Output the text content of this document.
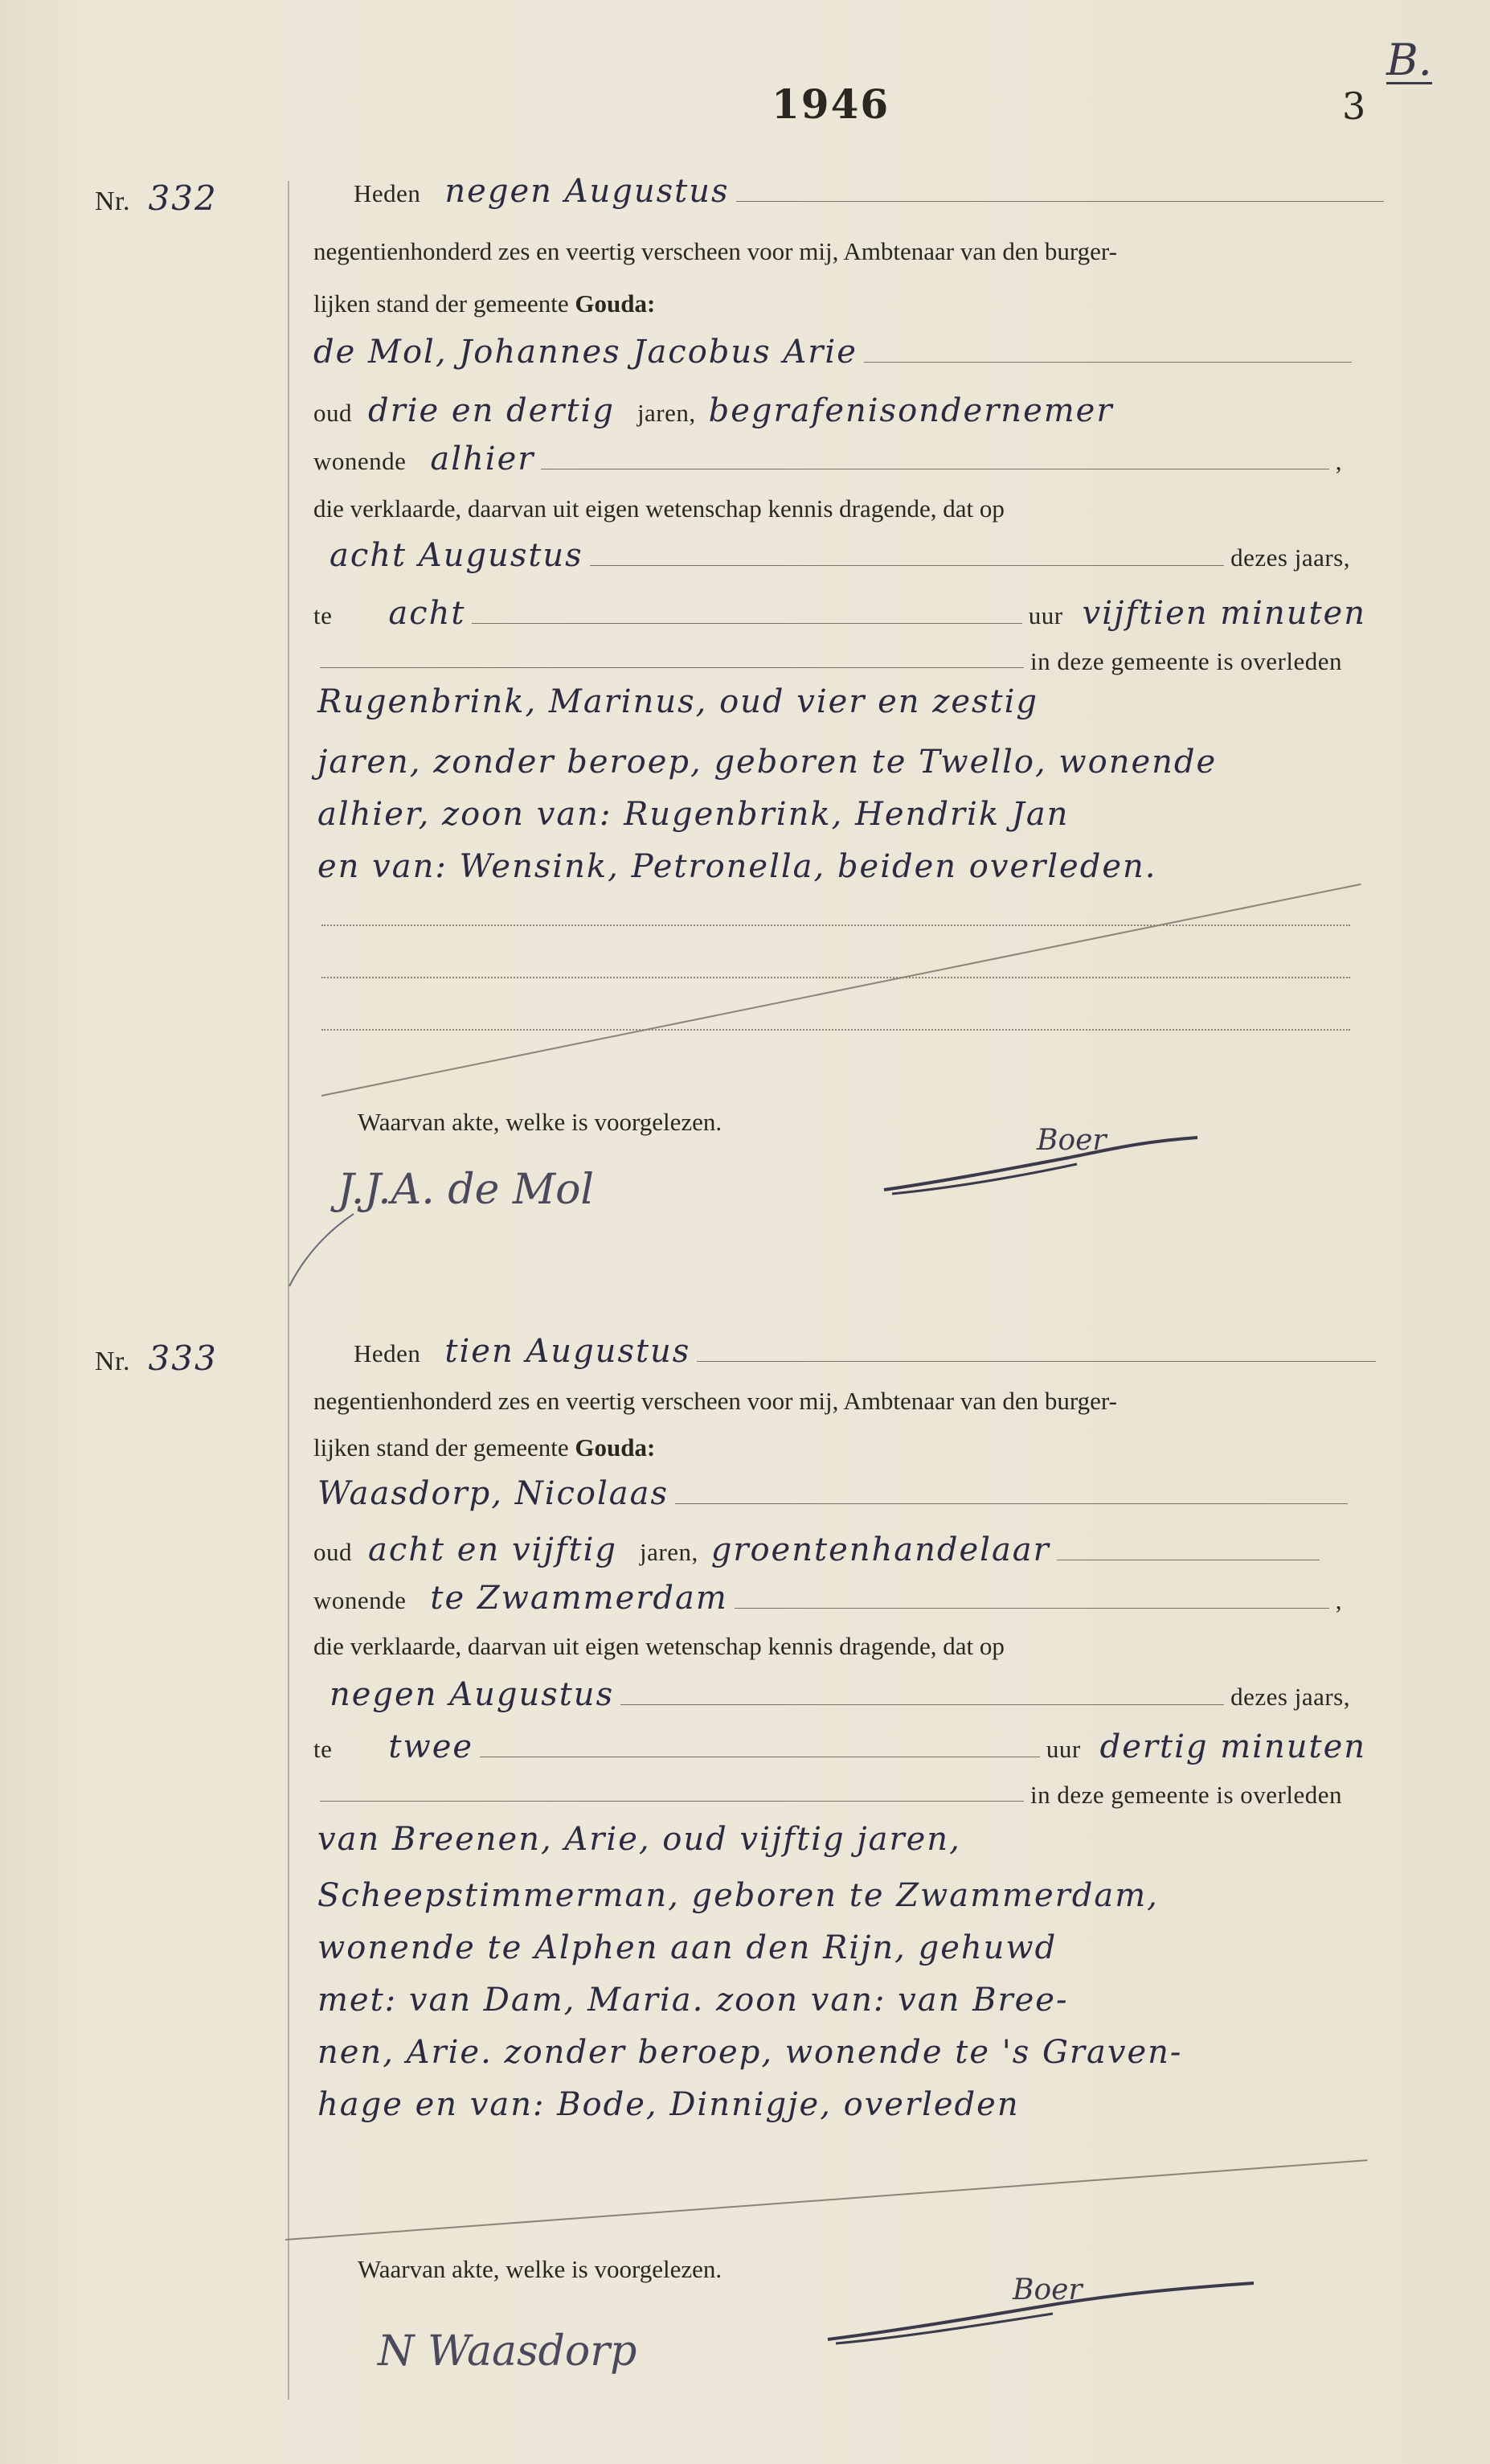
1946	3
B.
Nr. 332	Heden negen Augustus
negentienhonderd zes en veertig verscheen voor mij, Ambtenaar van den burger-
lijken stand der gemeente
Gouda:
de Mol, Johannes Jacobus Arie
oud drie en dertig jaren, begrafenisondernemer
wonende alhier	,
die verklaarde, daarvan uit eigen wetenschap kennis dragende, dat op
acht Augustus	dezes jaars,
te acht	uur vijftien minuten
in deze gemeente is overleden
Rugenbrink, Marinus, oud vier en zestig
jaren, zonder beroep, geboren te Twello, wonende
alhier, zoon van: Rugenbrink, Hendrik Jan
en van: Wensink, Petronella, beiden overleden.
Waarvan akte, welke is voorgelezen.
J.J.A. de Mol
Boer
Nr. 333	Heden tien Augustus
negentienhonderd zes en veertig verscheen voor mij, Ambtenaar van den burger-
lijken stand der gemeente
Gouda:
Waasdorp, Nicolaas
oud acht en vijftig jaren, groentenhandelaar
wonende te Zwammerdam	,
die verklaarde, daarvan uit eigen wetenschap kennis dragende, dat op
negen Augustus	dezes jaars,
te twee	uur dertig minuten
in deze gemeente is overleden
van Breenen, Arie, oud vijftig jaren,
Scheepstimmerman, geboren te Zwammerdam,
wonende te Alphen aan den Rijn, gehuwd
met: van Dam, Maria. zoon van: van Bree-
nen, Arie. zonder beroep, wonende te 's Graven-
hage en van: Bode, Dinnigje, overleden
Waarvan akte, welke is voorgelezen.
N Waasdorp
Boer
